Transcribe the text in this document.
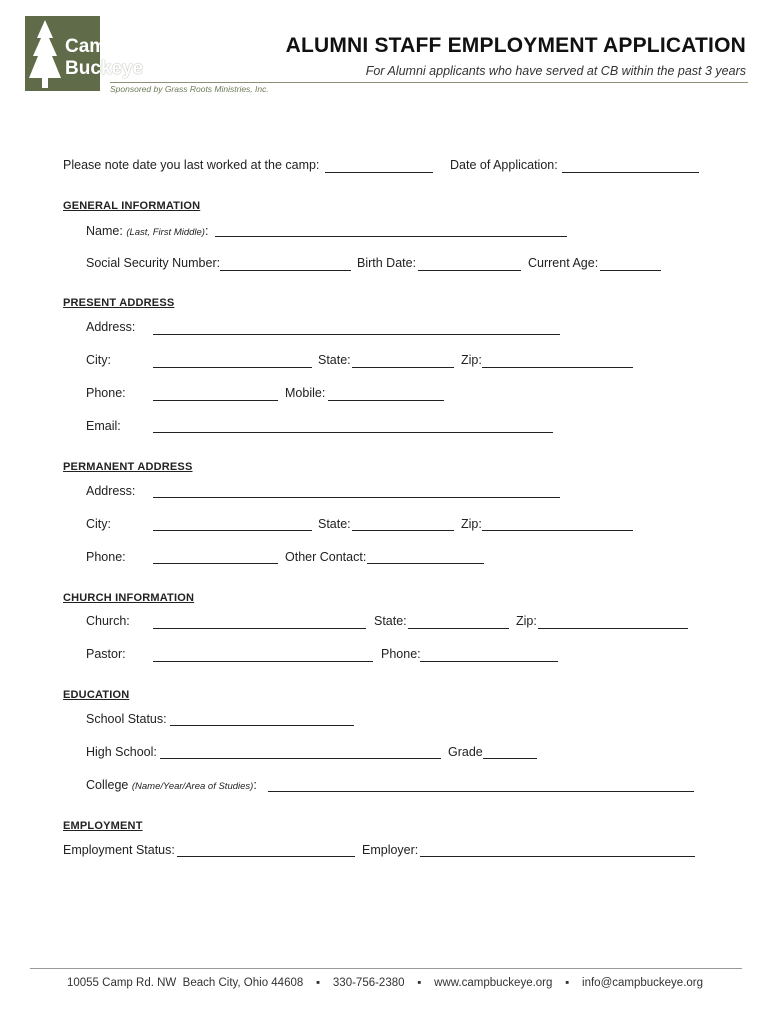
Camp
Buckeye
Sponsored by Grass Roots Ministries, Inc.
ALUMNI STAFF EMPLOYMENT APPLICATION
For Alumni applicants who have served at CB within the past 3 years
Please note date you last worked at the camp:	Date of Application:
GENERAL INFORMATION
Name: (Last, First Middle):
Social Security Number:	Birth Date:	Current Age:
PRESENT ADDRESS
Address:
City:	State:	Zip:
Phone:	Mobile:
Email:
PERMANENT ADDRESS
Address:
City:	State:	Zip:
Phone:	Other Contact:
CHURCH INFORMATION
Church:	State:	Zip:
Pastor:	Phone:
EDUCATION
School Status:
High School:	Grade
College (Name/Year/Area of Studies):
EMPLOYMENT
Employment Status:	Employer:
10055 Camp Rd. NW  Beach City, Ohio 44608    ▪    330-756-2380    ▪    www.campbuckeye.org    ▪    info@campbuckeye.org
